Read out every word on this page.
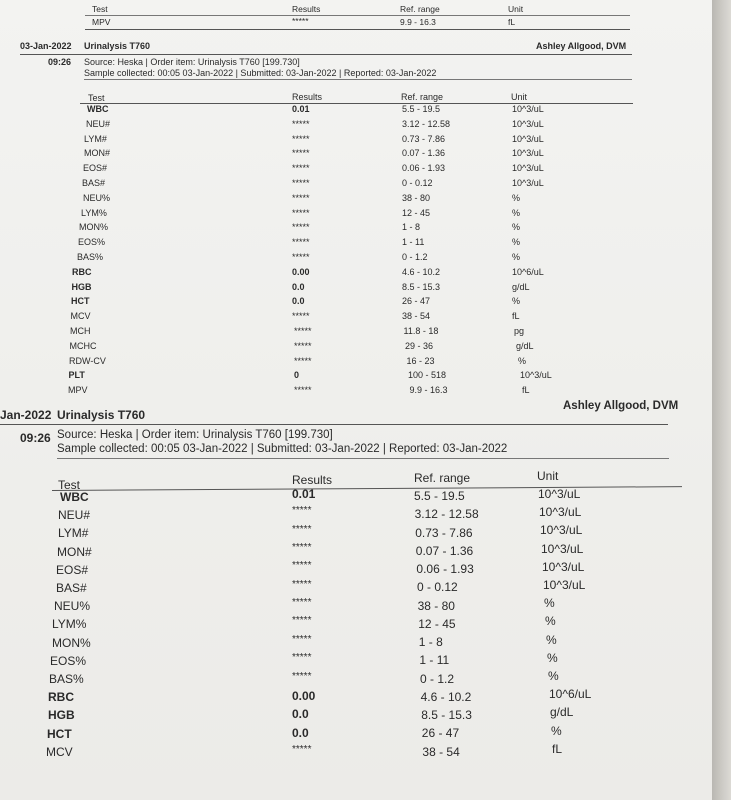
Test	Results	Ref. range	Unit
MPV	*****	9.9 - 16.3	fL
03-Jan-2022 Urinalysis T760	Ashley Allgood, DVM
09:26 Source: Heska | Order item: Urinalysis T760 [199.730]
Sample collected: 00:05 03-Jan-2022 | Submitted: 03-Jan-2022 | Reported: 03-Jan-2022
Test	Results	Ref. range	Unit
WBC	0.01	5.5 - 19.5	10^3/uL
NEU#	*****	3.12 - 12.58	10^3/uL
LYM#	*****	0.73 - 7.86	10^3/uL
MON#	*****	0.07 - 1.36	10^3/uL
EOS#	*****	0.06 - 1.93	10^3/uL
BAS#	*****	0 - 0.12	10^3/uL
NEU%	*****	38 - 80	%
LYM%	*****	12 - 45	%
MON%	*****	1 - 8	%
EOS%	*****	1 - 11	%
BAS%	*****	0 - 1.2	%
RBC	0.00	4.6 - 10.2	10^6/uL
HGB	0.0	8.5 - 15.3	g/dL
HCT	0.0	26 - 47	%
MCV	*****	38 - 54	fL
MCH	*****	11.8 - 18	pg
MCHC	*****	29 - 36	g/dL
RDW-CV	*****	16 - 23	%
PLT	0	100 - 518	10^3/uL
MPV	*****	9.9 - 16.3	fL
Jan-2022 Urinalysis T760
Ashley Allgood, DVM
09:26 Source: Heska | Order item: Urinalysis T760 [199.730]
Sample collected: 00:05 03-Jan-2022 | Submitted: 03-Jan-2022 | Reported: 03-Jan-2022
Test	Results	Ref. range	Unit
WBC	0.01	5.5 - 19.5	10^3/uL
NEU#	*****	3.12 - 12.58	10^3/uL
LYM#	*****	0.73 - 7.86	10^3/uL
MON#	*****	0.07 - 1.36	10^3/uL
EOS#	*****	0.06 - 1.93	10^3/uL
BAS#	*****	0 - 0.12	10^3/uL
NEU%	*****	38 - 80	%
LYM%	*****	12 - 45	%
MON%	*****	1 - 8	%
EOS%	*****	1 - 11	%
BAS%	*****	0 - 1.2	%
RBC	0.00	4.6 - 10.2	10^6/uL
HGB	0.0	8.5 - 15.3	g/dL
HCT	0.0	26 - 47	%
MCV	*****	38 - 54	fL
